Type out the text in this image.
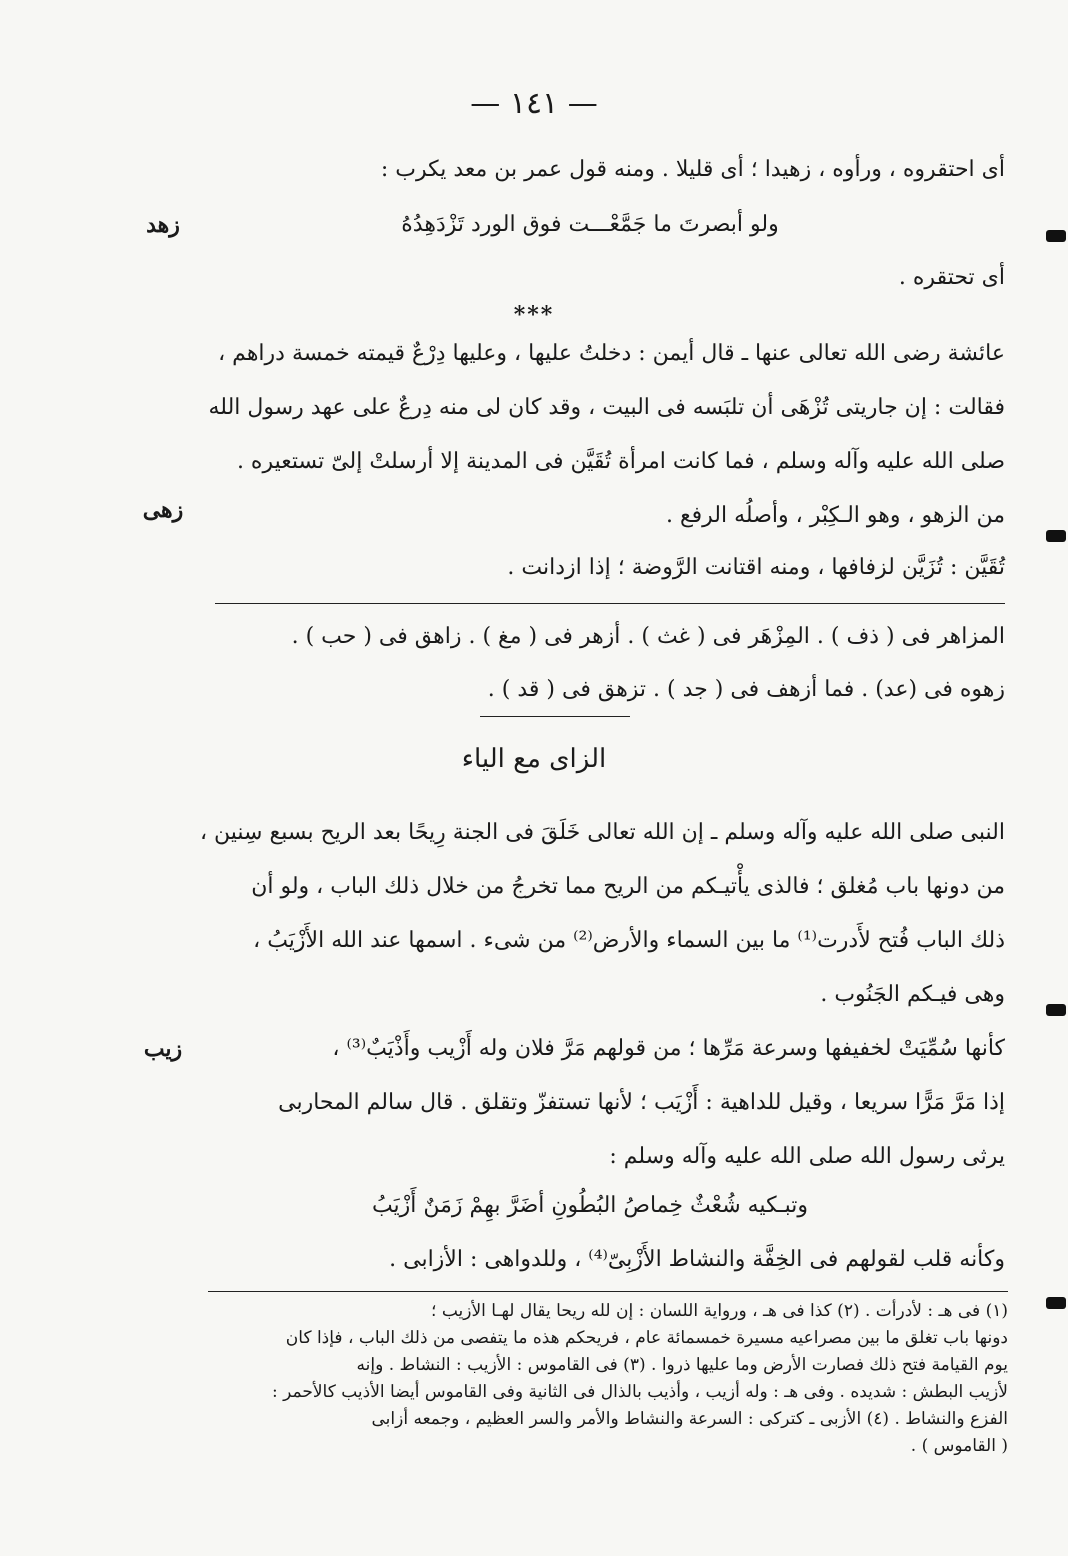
— ١٤١ —
أى احتقروه ، ورأوه ، زهيدا ؛ أى قليلا . ومنه قول عمر بن معد يكرب :
ولو أبصرتَ ما جَمَّعْـــت فوق الورد تَزْدَهِدُهُ
زهد
أى تحتقره .
***
عائشة رضى الله تعالى عنها ـ قال أيمن : دخلتُ عليها ، وعليها دِرْعٌ قيمته خمسة دراهم ،
فقالت : إن جاريتى تُزْهَى أن تلبَسه فى البيت ، وقد كان لى منه دِرعٌ على عهد رسول الله
صلى الله عليه وآله وسلم ، فما كانت امرأة تُقَيَّن فى المدينة إلا أرسلتْ إلىّ تستعيره .
من الزهو ، وهو الـكِبْر ، وأصلُه الرفع .
زهى
تُقَيَّن : تُزَيَّن لزفافها ، ومنه اقتانت الرَّوضة ؛ إذا ازدانت .
المزاهر فى ( ذف ) . المِزْهَر فى ( غث ) . أزهر فى ( مغ ) . زاهق فى ( حب ) .
زهوه فى (عد) . فما أزهف فى ( جد ) . تزهق فى ( قد ) .
الزاى مع الياء
النبى صلى الله عليه وآله وسلم ـ إن الله تعالى خَلَقَ فى الجنة رِيحًا بعد الريح بسبع سِنين ،
من دونها باب مُغلق ؛ فالذى يأْتيـكم من الريح مما تخرجُ من خلال ذلك الباب ، ولو أن
ذلك الباب فُتح لأَدرت⁽¹⁾ ما بين السماء والأرض⁽²⁾ من شىء . اسمها عند الله الأَزْيَبُ ،
وهى فيـكم الجَنُوب .
كأنها سُمِّيَتْ لخفيفها وسرعة مَرِّها ؛ من قولهم مَرَّ فلان وله أَزْيب وأَذْيَبٌ⁽³⁾ ،
زيب
إذا مَرَّ مَرًّا سريعا ، وقيل للداهية : أَزْيَب ؛ لأنها تستفزّ وتقلق . قال سالم المحاربى
يرثى رسول الله صلى الله عليه وآله وسلم :
وتبـكيه شُعْثٌ خِماصُ البُطُونِ أضَرَّ بهِمْ زَمَنٌ أَزْيَبُ
وكأنه قلب لقولهم فى الخِفَّة والنشاط الأَزْبِىّ⁽⁴⁾ ، وللدواهى : الأزابى .
(١) فى هـ : لأدرأت . (٢) كذا فى هـ ، ورواية اللسان : إن لله ريحا يقال لهـا الأزيب ؛
دونها باب تغلق ما بين مصراعيه مسيرة خمسمائة عام ، فريحكم هذه ما يتفصى من ذلك الباب ، فإذا كان
يوم القيامة فتح ذلك فصارت الأرض وما عليها ذروا . (٣) فى القاموس : الأزيب : النشاط . وإنه
لأزيب البطش : شديده . وفى هـ : وله أزيب ، وأذيب بالذال فى الثانية وفى القاموس أيضا الأذيب كالأحمر :
الفزع والنشاط . (٤) الأزبى ـ كتركى : السرعة والنشاط والأمر والسر العظيم ، وجمعه أزابى
( القاموس ) .
